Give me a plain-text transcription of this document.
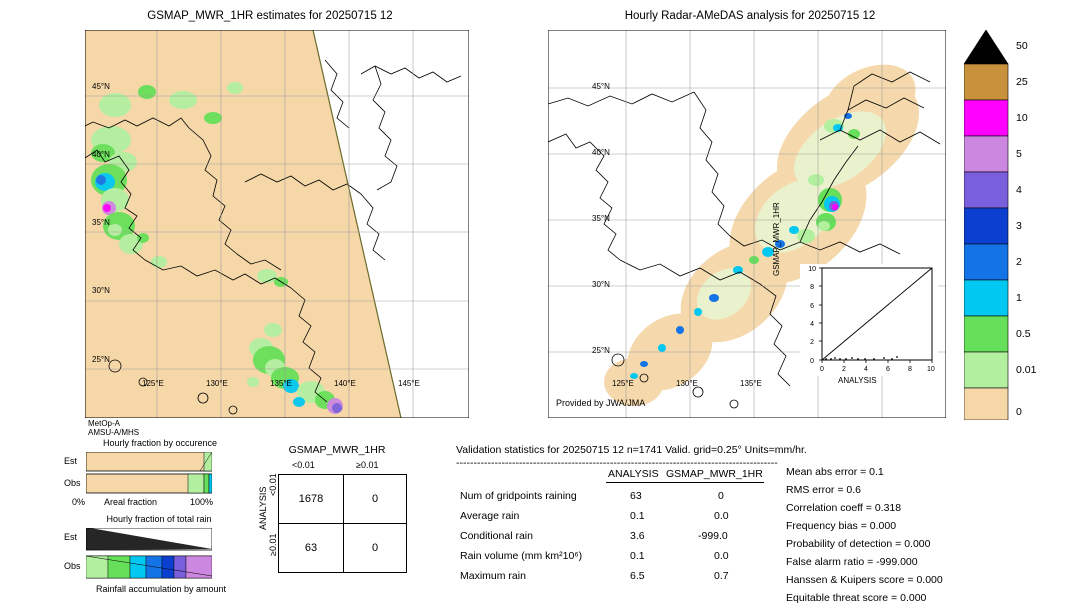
GSMAP_MWR_1HR estimates for 20250715 12
45°N
40°N
35°N
30°N
25°N
125°E	130°E	135°E	140°E	145°E
MetOp-A
AMSU-A/MHS
Hourly Radar-AMeDAS analysis for 20250715 12
45°N
40°N
35°N
30°N
25°N
125°E	130°E	135°E
Provided by JWA/JMA
0	2	4	6	8 10
0
2
4
6
8
10
ANALYSIS
50
25
10
5
4
3
2
1
0.5
0.01
0
Hourly fraction by occurence
Est
Obs
0% Areal fraction	100%
Hourly fraction of total rain
Est
Obs
Rainfall accumulation by amount
GSMAP_MWR_1HR
<0.01	≥0.01
ANALYSIS
<0.01
≥0.01
1678	0
63	0
Validation statistics for 20250715 12 n=1741 Valid. grid=0.25° Units=mm/hr.
--------------------------------------------------------------------------------------------
ANALYSIS GSMAP_MWR_1HR
Num of gridpoints raining	63	0
Average rain	0.1	0.0
Conditional rain	3.6	-999.0
Rain volume (mm km²10⁶)	0.1	0.0
Maximum rain	6.5	0.7
Mean abs error = 0.1
RMS error = 0.6
Correlation coeff = 0.318
Frequency bias = 0.000
Probability of detection = 0.000
False alarm ratio = -999.000
Hanssen & Kuipers score = 0.000
Equitable threat score = 0.000
